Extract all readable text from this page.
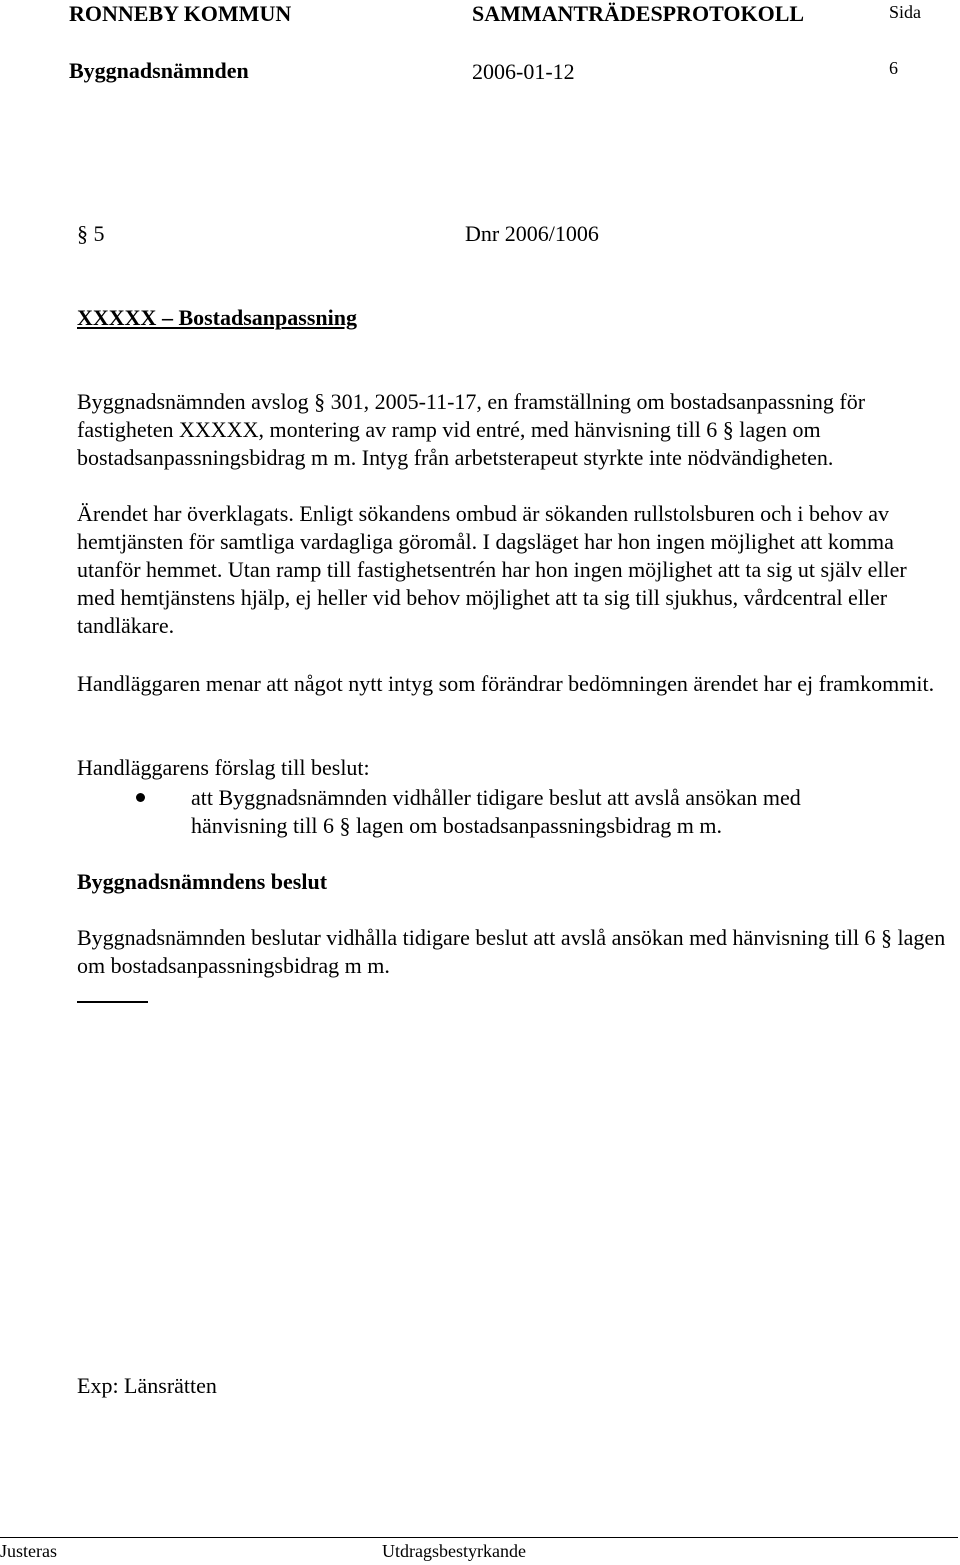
RONNEBY KOMMUN	SAMMANTRÄDESPROTOKOLL	Sida
Byggnadsnämnden	2006-01-12	6
§ 5	Dnr 2006/1006
XXXXX – Bostadsanpassning

Byggnadsnämnden avslog § 301, 2005-11-17, en framställning om bostadsanpassning för fastigheten XXXXX, montering av ramp vid entré, med hänvisning till 6 § lagen om bostadsanpassningsbidrag m m. Intyg från arbetsterapeut styrkte inte nödvändigheten.

Ärendet har överklagats. Enligt sökandens ombud är sökanden rullstolsburen och i behov av hemtjänsten för samtliga vardagliga göromål. I dagsläget har hon ingen möjlighet att komma utanför hemmet. Utan ramp till fastighetsentrén har hon ingen möjlighet att ta sig ut själv eller med hemtjänstens hjälp, ej heller vid behov möjlighet att ta sig till sjukhus, vårdcentral eller tandläkare.

Handläggaren menar att något nytt intyg som förändrar bedömningen ärendet har ej framkommit.

Handläggarens förslag till beslut:
att Byggnadsnämnden vidhåller tidigare beslut att avslå ansökan med hänvisning till 6 § lagen om bostadsanpassningsbidrag m m.
Byggnadsnämndens beslut

Byggnadsnämnden beslutar vidhålla tidigare beslut att avslå ansökan med hänvisning till 6 § lagen om bostadsanpassningsbidrag m m.

Exp: Länsrätten
Justeras	Utdragsbestyrkande
